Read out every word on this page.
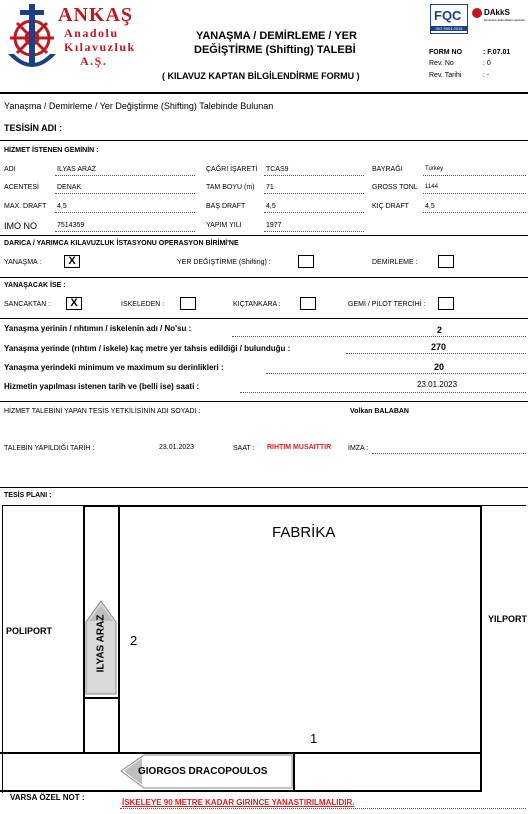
ANKAŞ
Anadolu
Kılavuzluk
A.Ş.
YANAŞMA / DEMİRLEME / YER
DEĞİŞTİRME (Shifting) TALEBİ
( KILAVUZ KAPTAN BİLGİLENDİRME FORMU )
FQC
ISO 9001:2015
DAkkS
Deutsche Akkreditierungsstelle
FORM NO	: F.07.01
Rev. No	: 0
Rev. Tarihi	: -
Yanaşma / Demirleme / Yer Değiştirme (Shifting) Talebinde Bulunan
TESİSİN ADI :
HİZMET İSTENEN GEMİNİN :
ADI	ILYAS ARAZ	ÇAĞRI İŞARETİ TCAS9	BAYRAĞI	Turkey
ACENTESİ	DENAK	TAM BOYU (m) 71	GROSS TONL 1144
MAX. DRAFT 4,5	BAŞ DRAFT	4,5	KIÇ DRAFT 4,5
IMO NO	7514359	YAPIM YILI	1977
DARICA / YARIMCA KILAVUZLUK İSTASYONU OPERASYON BİRİMİ'NE
YANAŞMA :	X	YER DEĞİŞTİRME (Shifting) :	DEMİRLEME :
YANAŞACAK İSE :
SANCAKTAN :	X	İSKELEDEN :	KIÇTANKARA :	GEMİ / PİLOT TERCİHİ :
Yanaşma yerinin / rıhtımın / iskelenin adı / No'su :	2
Yanaşma yerinde (rıhtım / iskele) kaç metre yer tahsis edildiği / bulunduğu :	270
Yanaşma yerindeki minimum ve maximum su derinlikleri :	20
Hizmetin yapılması istenen tarih ve (belli ise) saati :	23.01.2023
HİZMET TALEBİNİ YAPAN TESİS YETKİLİSİNİN ADI SOYADI :	Volkan BALABAN
TALEBİN YAPILDIĞI TARİH :	23.01.2023	SAAT : RIHTIM MUSAITTIR İMZA :
TESİS PLANI :
FABRİKA
POLIPORT
YILPORT
2
1
ILYAS ARAZ
GIORGOS DRACOPOULOS
VARSA ÖZEL NOT :
İSKELEYE 90 METRE KADAR GIRINCE YANASTIRILMALIDIR.
